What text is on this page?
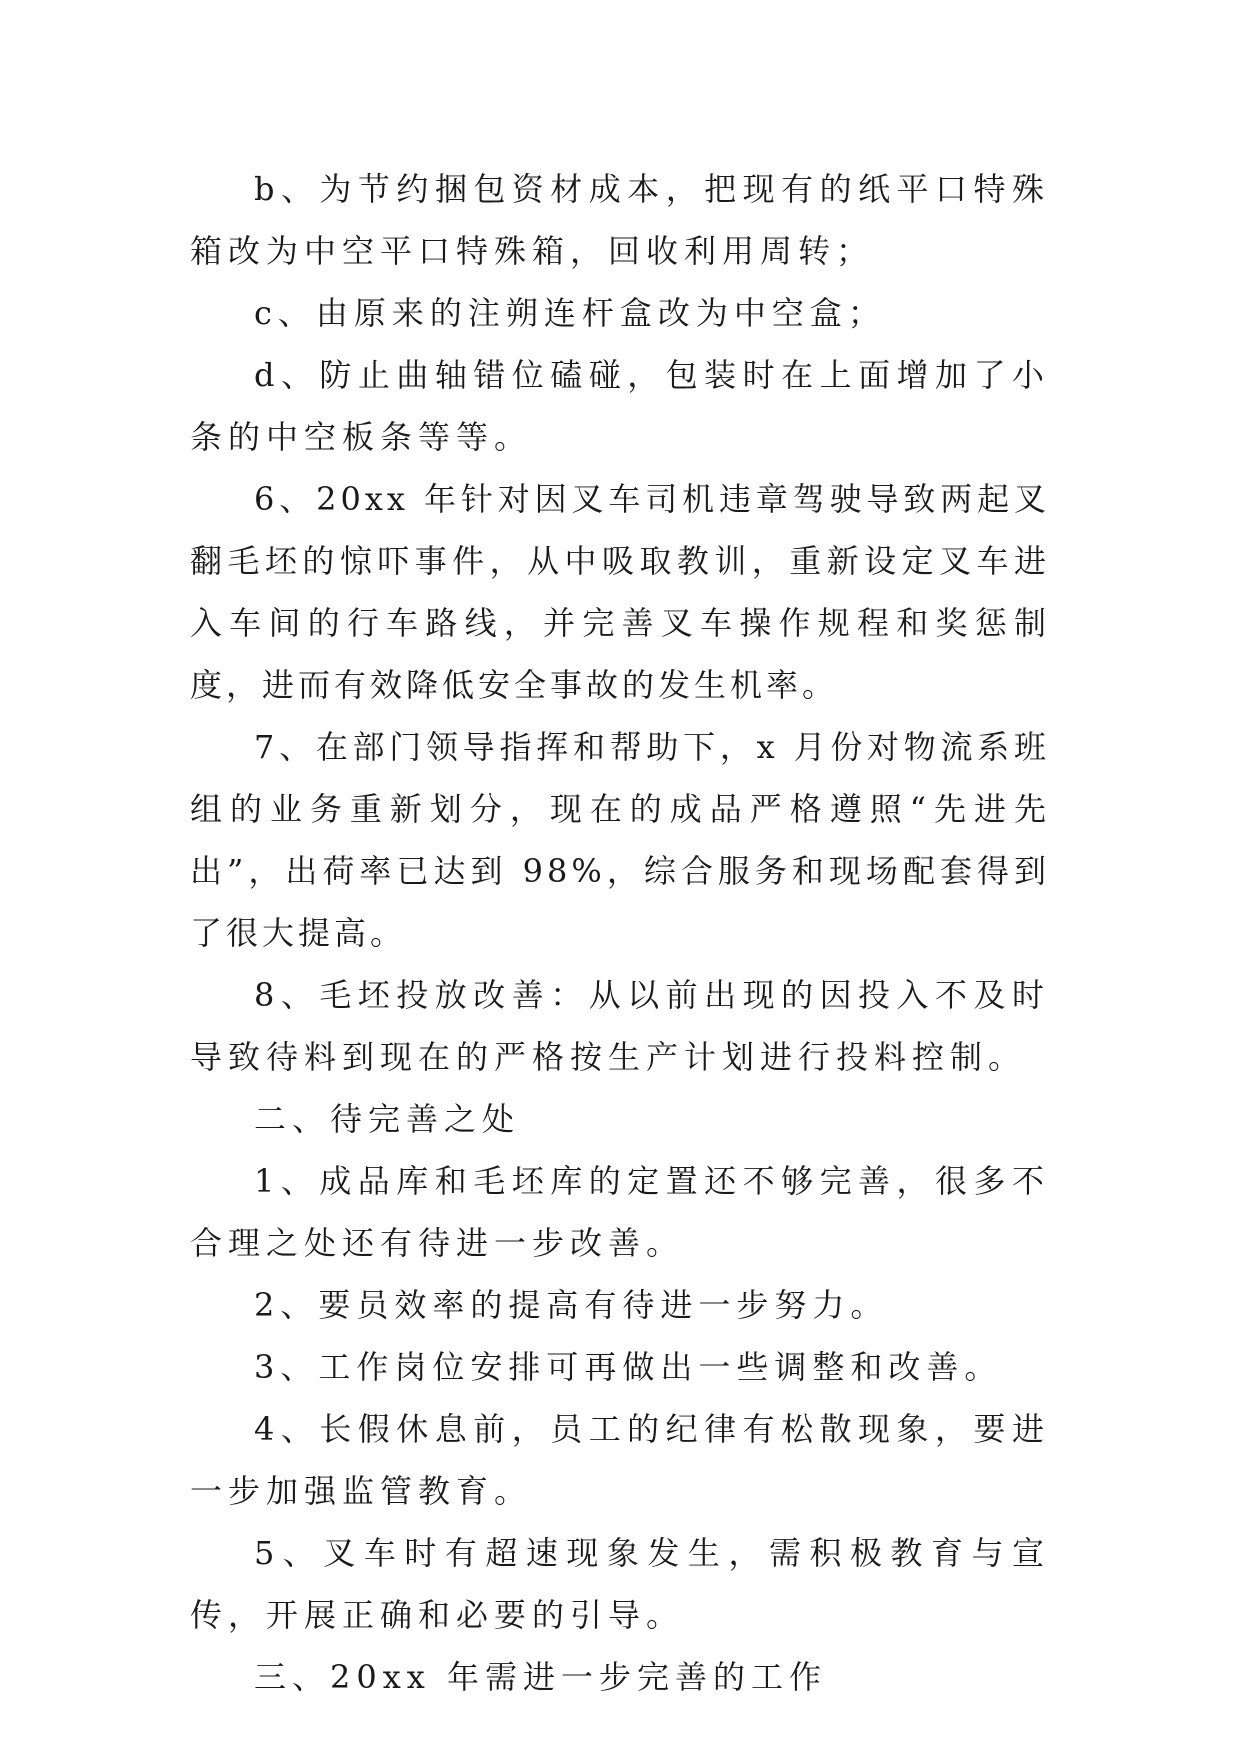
b、为节约捆包资材成本，把现有的纸平口特殊箱改为中空平口特殊箱，回收利用周转；

c、由原来的注朔连杆盒改为中空盒；

d、防止曲轴错位磕碰，包装时在上面增加了小条的中空板条等等。

6、20xx 年针对因叉车司机违章驾驶导致两起叉翻毛坯的惊吓事件，从中吸取教训，重新设定叉车进入车间的行车路线，并完善叉车操作规程和奖惩制度，进而有效降低安全事故的发生机率。

7、在部门领导指挥和帮助下，x 月份对物流系班组的业务重新划分，现在的成品严格遵照“先进先出”，出荷率已达到 98%，综合服务和现场配套得到了很大提高。

8、毛坯投放改善：从以前出现的因投入不及时导致待料到现在的严格按生产计划进行投料控制。

二、待完善之处

1、成品库和毛坯库的定置还不够完善，很多不合理之处还有待进一步改善。

2、要员效率的提高有待进一步努力。

3、工作岗位安排可再做出一些调整和改善。

4、长假休息前，员工的纪律有松散现象，要进一步加强监管教育。

5、叉车时有超速现象发生，需积极教育与宣传，开展正确和必要的引导。

三、20xx 年需进一步完善的工作
